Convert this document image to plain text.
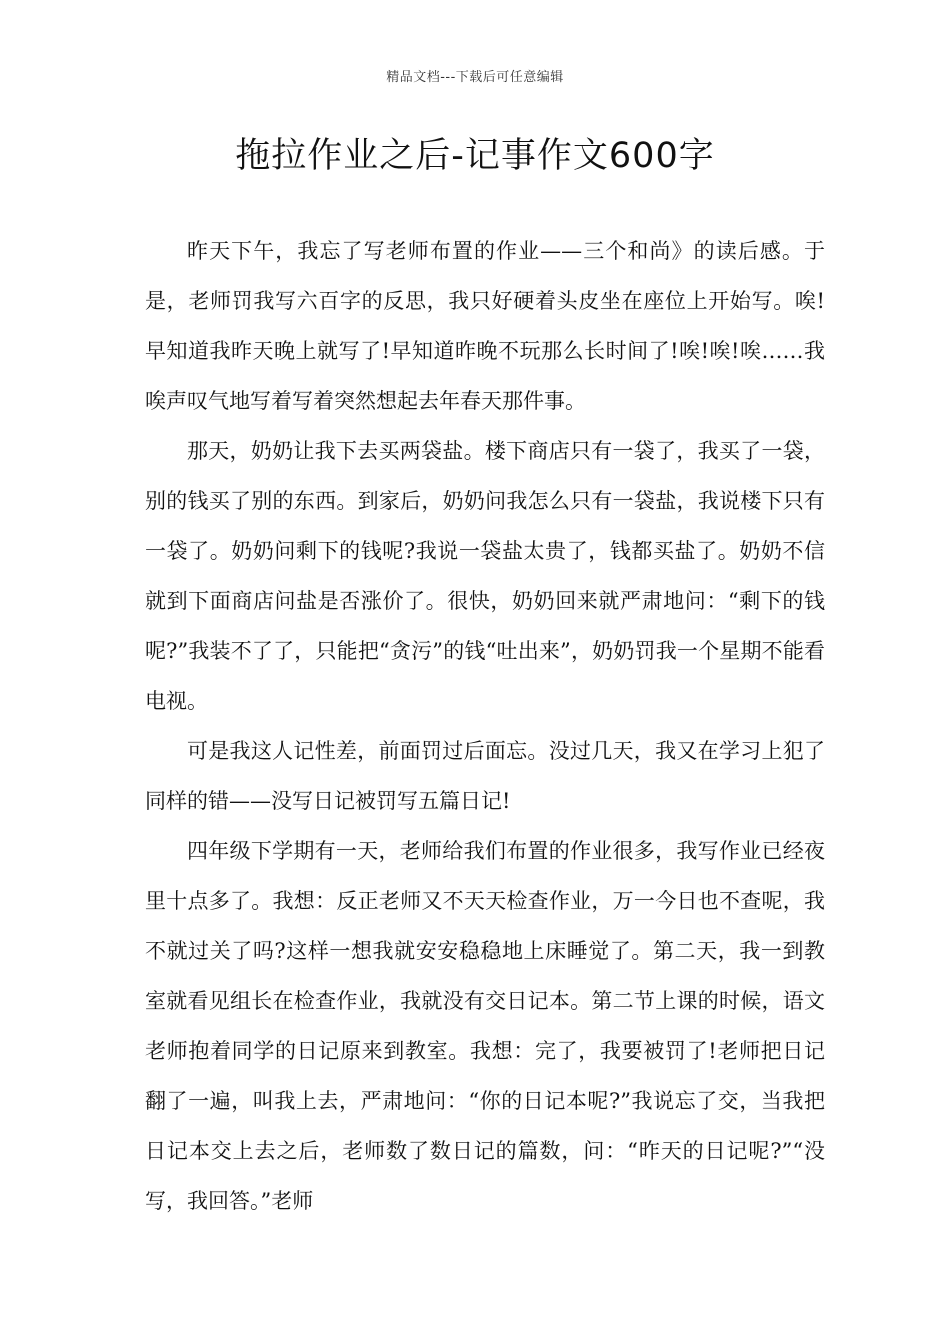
精品文档---下载后可任意编辑
拖拉作业之后-记事作文600字

昨天下午，我忘了写老师布置的作业——三个和尚》的读后感。于是，老师罚我写六百字的反思，我只好硬着头皮坐在座位上开始写。唉!早知道我昨天晚上就写了!早知道昨晚不玩那么长时间了!唉!唉!唉……我唉声叹气地写着写着突然想起去年春天那件事。

那天，奶奶让我下去买两袋盐。楼下商店只有一袋了，我买了一袋，别的钱买了别的东西。到家后，奶奶问我怎么只有一袋盐，我说楼下只有一袋了。奶奶问剩下的钱呢?我说一袋盐太贵了，钱都买盐了。奶奶不信就到下面商店问盐是否涨价了。很快，奶奶回来就严肃地问：“剩下的钱呢?”我装不了了，只能把“贪污”的钱“吐出来”，奶奶罚我一个星期不能看电视。

可是我这人记性差，前面罚过后面忘。没过几天，我又在学习上犯了同样的错——没写日记被罚写五篇日记!

四年级下学期有一天，老师给我们布置的作业很多，我写作业已经夜里十点多了。我想：反正老师又不天天检查作业，万一今日也不查呢，我不就过关了吗?这样一想我就安安稳稳地上床睡觉了。第二天，我一到教室就看见组长在检查作业，我就没有交日记本。第二节上课的时候，语文老师抱着同学的日记原来到教室。我想：完了，我要被罚了!老师把日记翻了一遍，叫我上去，严肃地问：“你的日记本呢?”我说忘了交，当我把日记本交上去之后，老师数了数日记的篇数，问：“昨天的日记呢?”“没写，我回答。”老师
